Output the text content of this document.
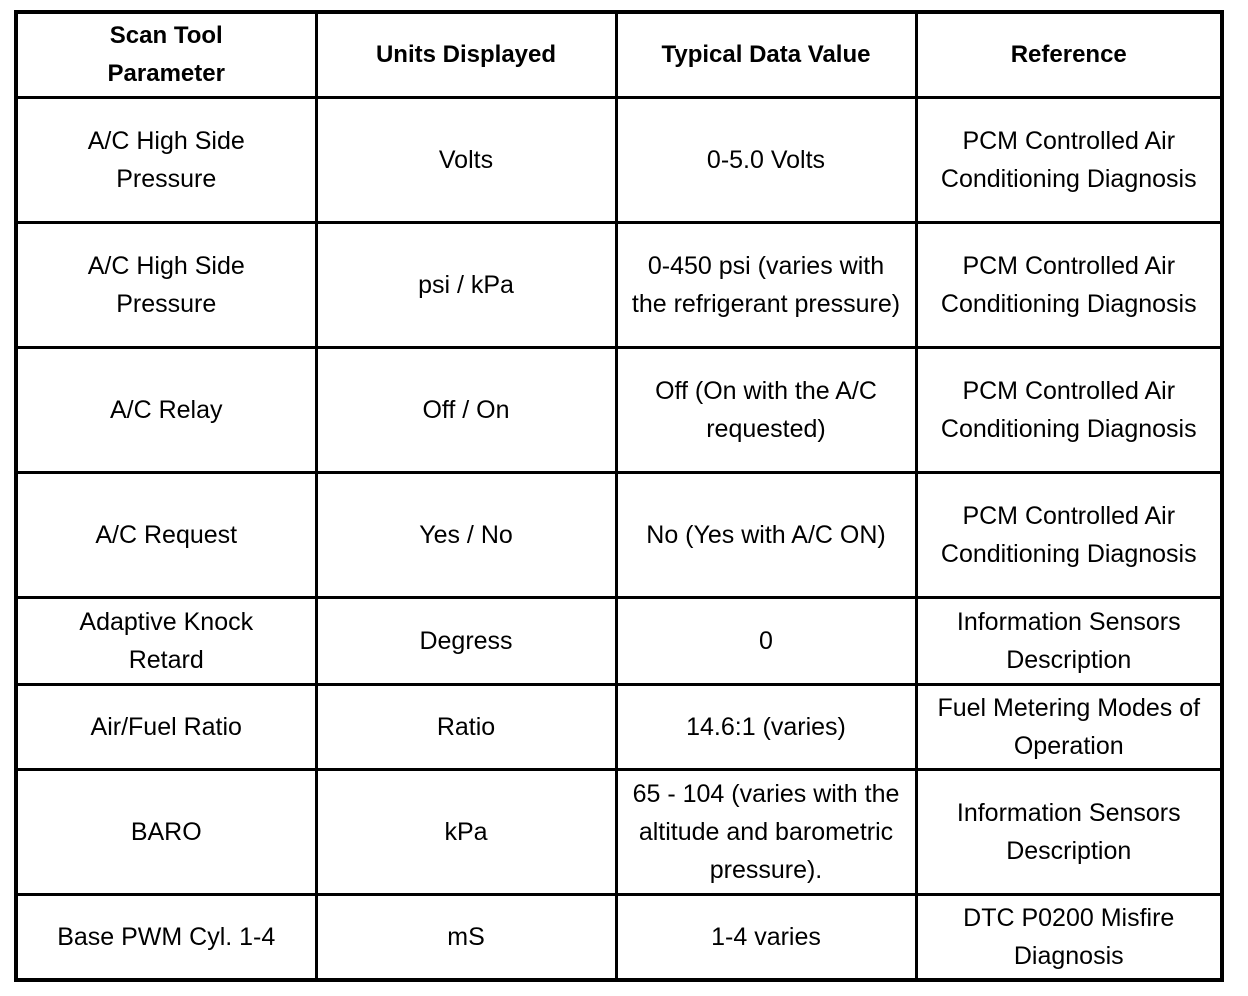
Scan Tool Parameter	Units Displayed	Typical Data Value	Reference
A/C High Side Pressure	Volts	0-5.0 Volts	PCM Controlled Air Conditioning Diagnosis
A/C High Side Pressure	psi / kPa	0-450 psi (varies with the refrigerant pressure)	PCM Controlled Air Conditioning Diagnosis
A/C Relay	Off / On	Off (On with the A/C requested)	PCM Controlled Air Conditioning Diagnosis
A/C Request	Yes / No	No (Yes with A/C ON)	PCM Controlled Air Conditioning Diagnosis
Adaptive Knock Retard	Degress	0	Information Sensors Description
Air/Fuel Ratio	Ratio	14.6:1 (varies)	Fuel Metering Modes of Operation
BARO	kPa	65 - 104 (varies with the altitude and barometric pressure).	Information Sensors Description
Base PWM Cyl. 1-4	mS	1-4 varies	DTC P0200 Misfire Diagnosis
